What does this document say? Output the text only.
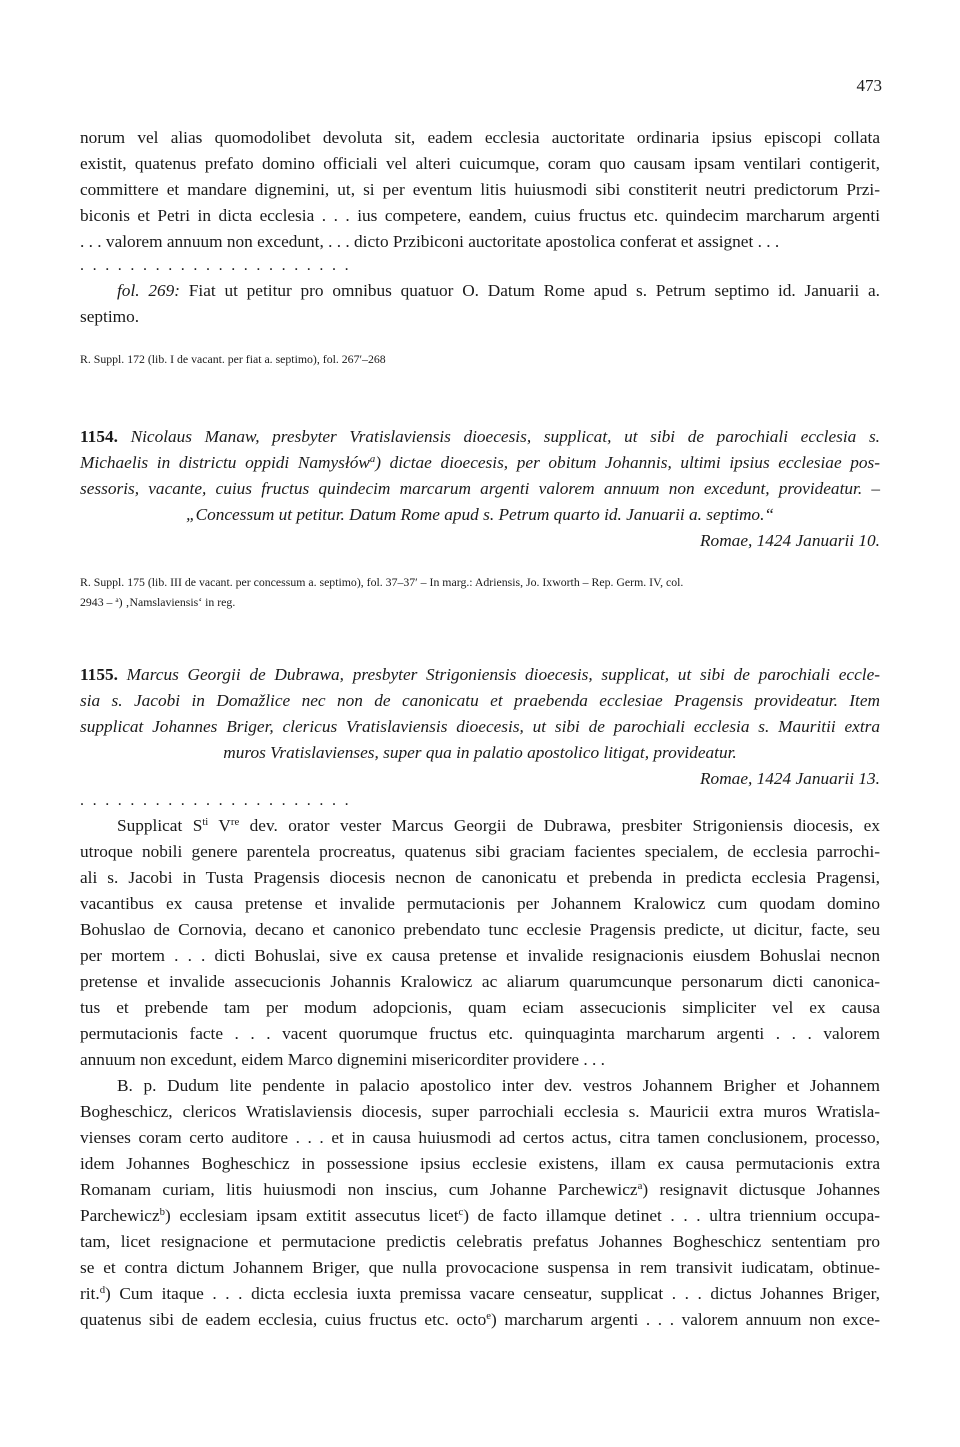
473
norum vel alias quomodolibet devoluta sit, eadem ecclesia auctoritate ordinaria ipsius episcopi collata
existit, quatenus prefato domino officiali vel alteri cuicumque, coram quo causam ipsam ventilari contigerit,
committere et mandare dignemini, ut, si per eventum litis huiusmodi sibi constiterit neutri predictorum Przi-
biconis et Petri in dicta ecclesia . . . ius competere, eandem, cuius fructus etc. quindecim marcharum argenti
. . . valorem annuum non excedunt, . . . dicto Przibiconi auctoritate apostolica conferat et assignet . . .
. . . . . . . . . . . . . . . . . . . . . .
fol. 269: Fiat ut petitur pro omnibus quatuor O. Datum Rome apud s. Petrum septimo id. Januarii a.
septimo.
R. Suppl. 172 (lib. I de vacant. per fiat a. septimo), fol. 267′–268
1154. Nicolaus Manaw, presbyter Vratislaviensis dioecesis, supplicat, ut sibi de parochiali ecclesia s.
Michaelis in districtu oppidi Namysłów$^a$) dictae dioecesis, per obitum Johannis, ultimi ipsius ecclesiae pos-
sessoris, vacante, cuius fructus quindecim marcarum argenti valorem annuum non excedunt, provideatur. –
„Concessum ut petitur. Datum Rome apud s. Petrum quarto id. Januarii a. septimo.“
Romae, 1424 Januarii 10.
R. Suppl. 175 (lib. III de vacant. per concessum a. septimo), fol. 37–37′ – In marg.: Adriensis, Jo. Ixworth – Rep. Germ. IV, col.
2943 – $^a$) ‚Namslaviensis‘ in reg.
1155. Marcus Georgii de Dubrawa, presbyter Strigoniensis dioecesis, supplicat, ut sibi de parochiali eccle-
sia s. Jacobi in Domažlice nec non de canonicatu et praebenda ecclesiae Pragensis provideatur. Item
supplicat Johannes Briger, clericus Vratislaviensis dioecesis, ut sibi de parochiali ecclesia s. Mauritii extra
muros Vratislavienses, super qua in palatio apostolico litigat, provideatur.
Romae, 1424 Januarii 13.
. . . . . . . . . . . . . . . . . . . . . .
Supplicat $S^{ti}$ Vre dev. orator vester Marcus Georgii de Dubrawa, presbiter Strigoniensis diocesis, ex
utroque nobili genere parentela procreatus, quatenus sibi graciam facientes specialem, de ecclesia parrochi-
ali s. Jacobi in Tusta Pragensis diocesis necnon de canonicatu et prebenda in predicta ecclesia Pragensi,
vacantibus ex causa pretense et invalide permutacionis per Johannem Kralowicz cum quodam domino
Bohuslao de Cornovia, decano et canonico prebendato tunc ecclesie Pragensis predicte, ut dicitur, facte, seu
per mortem . . . dicti Bohuslai, sive ex causa pretense et invalide resignacionis eiusdem Bohuslai necnon
pretense et invalide assecucionis Johannis Kralowicz ac aliarum quarumcunque personarum dicti canonica-
tus et prebende tam per modum adopcionis, quam eciam assecucionis simpliciter vel ex causa
permutacionis facte . . . vacent quorumque fructus etc. quinquaginta marcharum argenti . . . valorem
annuum non excedunt, eidem Marco dignemini misericorditer providere . . .
B. p. Dudum lite pendente in palacio apostolico inter dev. vestros Johannem Brigher et Johannem
Bogheschicz, clericos Wratislaviensis diocesis, super parrochiali ecclesia s. Mauricii extra muros Wratisla-
vienses coram certo auditore . . . et in causa huiusmodi ad certos actus, citra tamen conclusionem, processo,
idem Johannes Bogheschicz in possessione ipsius ecclesie existens, illam ex causa permutacionis extra
Romanam curiam, litis huiusmodi non inscius, cum Johanne Parchewicz$^a$) resignavit dictusque Johannes
Parchewicz$^b$) ecclesiam ipsam extitit assecutus licet$^c$) de facto illamque detinet . . . ultra triennium occupa-
tam, licet resignacione et permutacione predictis celebratis prefatus Johannes Bogheschicz sententiam pro
se et contra dictum Johannem Briger, que nulla provocacione suspensa in rem transivit iudicatam, obtinue-
rit.$^d$) Cum itaque . . . dicta ecclesia iuxta premissa vacare censeatur, supplicat . . . dictus Johannes Briger,
quatenus sibi de eadem ecclesia, cuius fructus etc. octo$^e$) marcharum argenti . . . valorem annuum non exce-
